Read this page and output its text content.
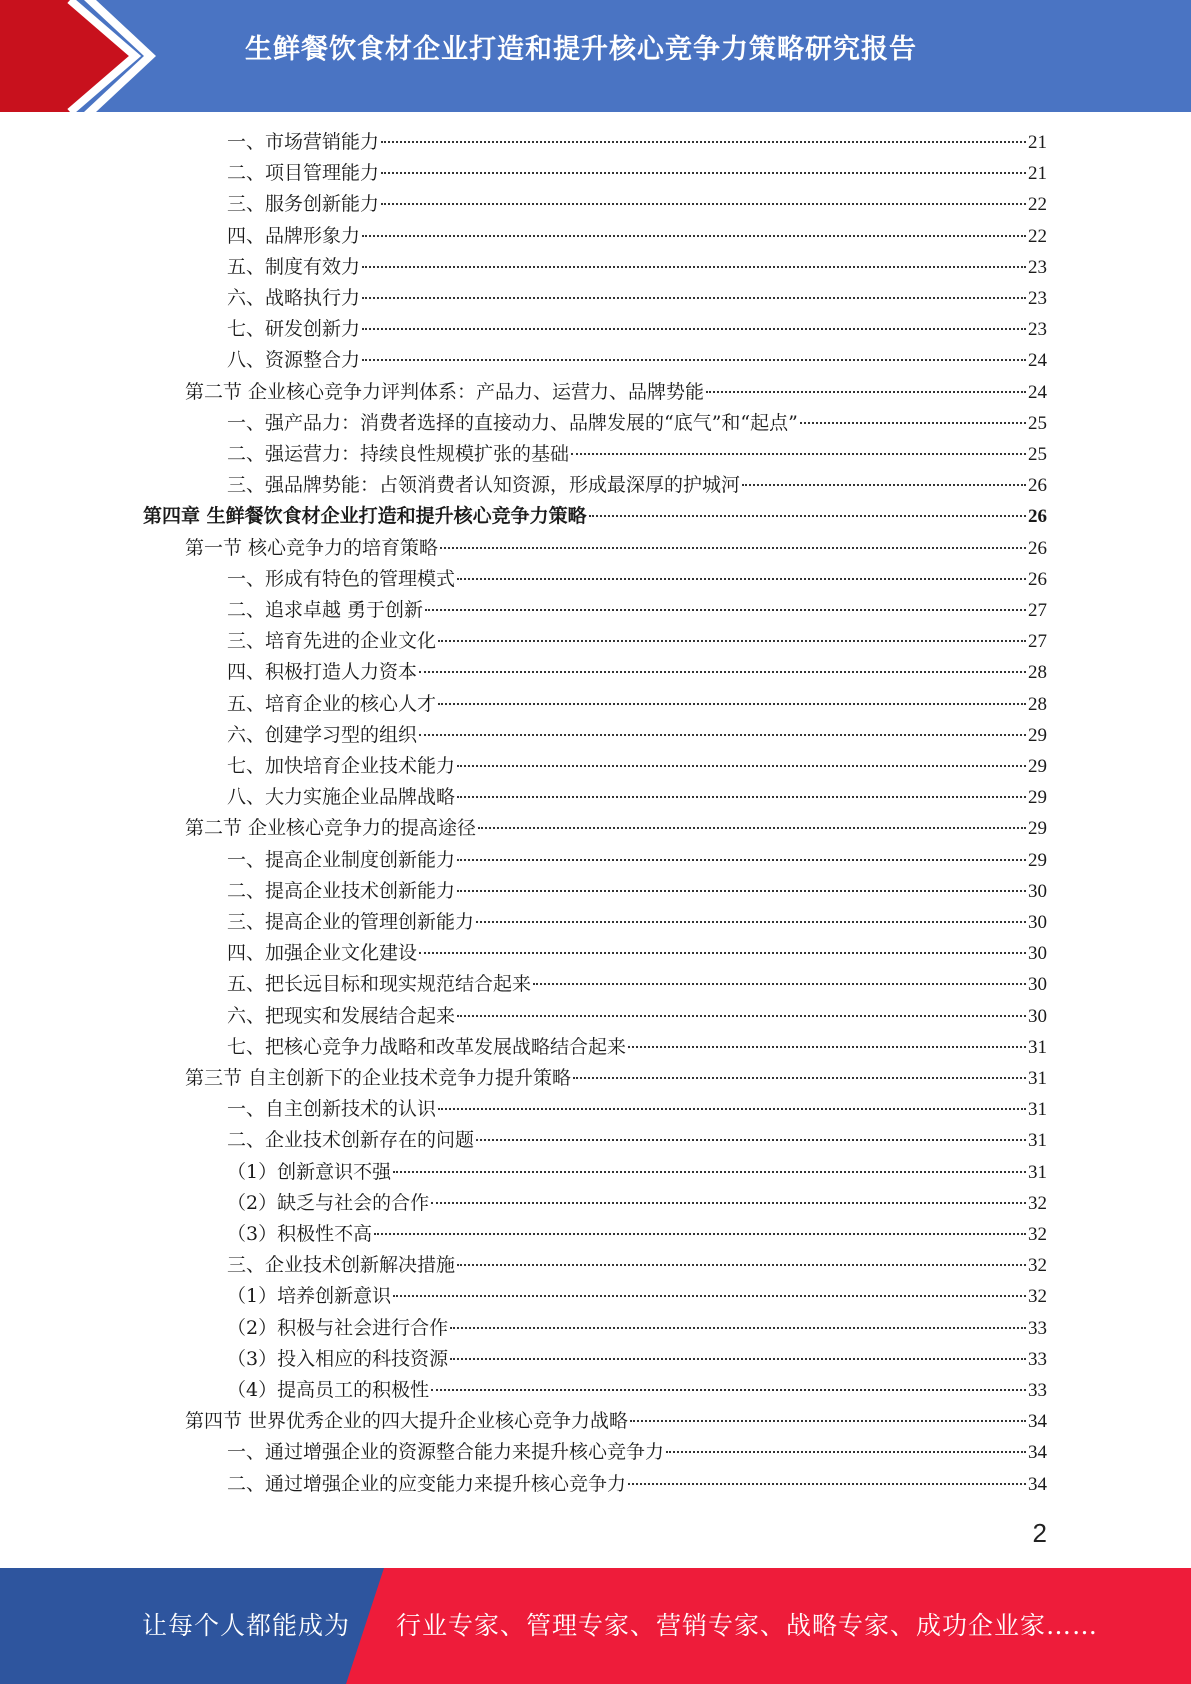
生鲜餐饮食材企业打造和提升核心竞争力策略研究报告
一、市场营销能力	21
二、项目管理能力	21
三、服务创新能力	22
四、品牌形象力	22
五、制度有效力	23
六、战略执行力	23
七、研发创新力	23
八、资源整合力	24
第二节 企业核心竞争力评判体系：产品力、运营力、品牌势能	24
一、强产品力：消费者选择的直接动力、品牌发展的“底气”和“起点”	25
二、强运营力：持续良性规模扩张的基础	25
三、强品牌势能：占领消费者认知资源，形成最深厚的护城河	26
第四章 生鲜餐饮食材企业打造和提升核心竞争力策略	26
第一节 核心竞争力的培育策略	26
一、形成有特色的管理模式	26
二、追求卓越 勇于创新	27
三、培育先进的企业文化	27
四、积极打造人力资本	28
五、培育企业的核心人才	28
六、创建学习型的组织	29
七、加快培育企业技术能力	29
八、大力实施企业品牌战略	29
第二节 企业核心竞争力的提高途径	29
一、提高企业制度创新能力	29
二、提高企业技术创新能力	30
三、提高企业的管理创新能力	30
四、加强企业文化建设	30
五、把长远目标和现实规范结合起来	30
六、把现实和发展结合起来	30
七、把核心竞争力战略和改革发展战略结合起来	31
第三节 自主创新下的企业技术竞争力提升策略	31
一、自主创新技术的认识	31
二、企业技术创新存在的问题	31
（1）创新意识不强	31
（2）缺乏与社会的合作	32
（3）积极性不高	32
三、企业技术创新解决措施	32
（1）培养创新意识	32
（2）积极与社会进行合作	33
（3）投入相应的科技资源	33
（4）提高员工的积极性	33
第四节 世界优秀企业的四大提升企业核心竞争力战略	34
一、通过增强企业的资源整合能力来提升核心竞争力	34
二、通过增强企业的应变能力来提升核心竞争力	34
2
让每个人都能成为 行业专家、管理专家、营销专家、战略专家、成功企业家……
